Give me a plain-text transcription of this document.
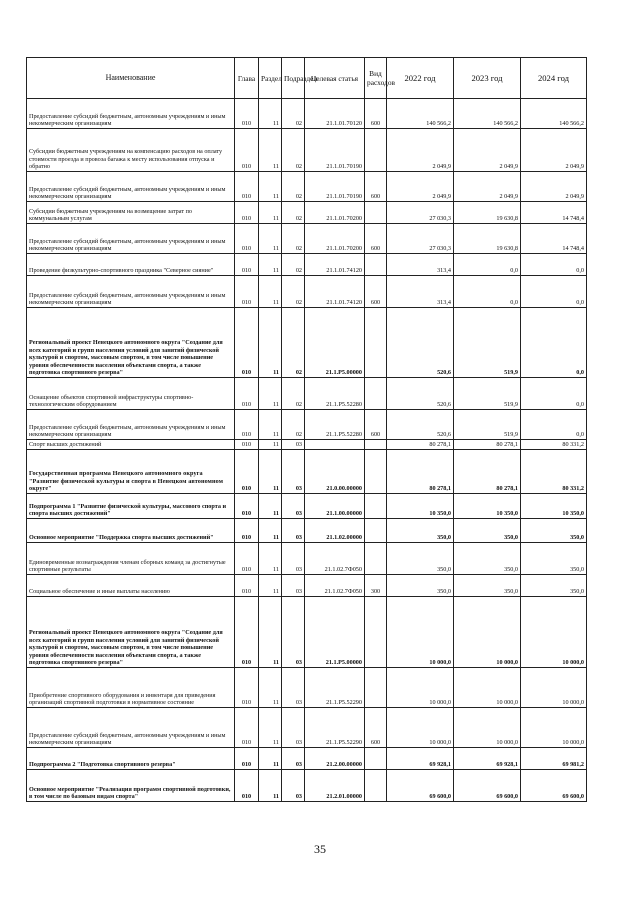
Наименование	Глава	Раздел	Подраздел	Целевая статья	Вид расходов	2022 год	2023 год	2024 год
Предоставление субсидий бюджетным, автономным учреждениям и иным некоммерческим организациям	010	11	02	21.1.01.70120	600	140 566,2	140 566,2	140 566,2
Субсидии бюджетным учреждениям на компенсацию расходов на оплату стоимости проезда и провоза багажа к месту использования отпуска и обратно	010	11	02	21.1.01.70190		2 049,9	2 049,9	2 049,9
Предоставление субсидий бюджетным, автономным учреждениям и иным некоммерческим организациям	010	11	02	21.1.01.70190	600	2 049,9	2 049,9	2 049,9
Субсидии бюджетным учреждениям на возмещение затрат по коммунальным услугам	010	11	02	21.1.01.70200		27 030,3	19 630,8	14 748,4
Предоставление субсидий бюджетным, автономным учреждениям и иным некоммерческим организациям	010	11	02	21.1.01.70200	600	27 030,3	19 630,8	14 748,4
Проведение физкультурно-спортивного праздника "Северное сияние"	010	11	02	21.1.01.74120		313,4	0,0	0,0
Предоставление субсидий бюджетным, автономным учреждениям и иным некоммерческим организациям	010	11	02	21.1.01.74120	600	313,4	0,0	0,0
Региональный проект Ненецкого автономного округа "Создание для всех категорий и групп населения условий для занятий физической культурой и спортом, массовым спортом, в том числе повышение уровня обеспеченности населения объектами спорта, а также подготовка спортивного резерва"	010	11	02	21.1.P5.00000		520,6	519,9	0,0
Оснащение объектов спортивной инфраструктуры спортивно-технологическим оборудованием	010	11	02	21.1.P5.52280		520,6	519,9	0,0
Предоставление субсидий бюджетным, автономным учреждениям и иным некоммерческим организациям	010	11	02	21.1.P5.52280	600	520,6	519,9	0,0
Спорт высших достижений	010	11	03			80 278,1	80 278,1	80 331,2
Государственная программа Ненецкого автономного округа "Развитие физической культуры и спорта в Ненецком автономном округе"	010	11	03	21.0.00.00000		80 278,1	80 278,1	80 331,2
Подпрограмма 1 "Развитие физической культуры, массового спорта и спорта высших достижений"	010	11	03	21.1.00.00000		10 350,0	10 350,0	10 350,0
Основное мероприятие "Поддержка спорта высших достижений"	010	11	03	21.1.02.00000		350,0	350,0	350,0
Единовременные вознаграждения членам сборных команд за достигнутые спортивные результаты	010	11	03	21.1.02.7Ф050		350,0	350,0	350,0
Социальное обеспечение и иные выплаты населению	010	11	03	21.1.02.7Ф050	300	350,0	350,0	350,0
Региональный проект Ненецкого автономного округа "Создание для всех категорий и групп населения условий для занятий физической культурой и спортом, массовым спортом, в том числе повышение уровня обеспеченности населения объектами спорта, а также подготовка спортивного резерва"	010	11	03	21.1.P5.00000		10 000,0	10 000,0	10 000,0
Приобретение спортивного оборудования и инвентаря для приведения организаций спортивной подготовки в нормативное состояние	010	11	03	21.1.P5.52290		10 000,0	10 000,0	10 000,0
Предоставление субсидий бюджетным, автономным учреждениям и иным некоммерческим организациям	010	11	03	21.1.P5.52290	600	10 000,0	10 000,0	10 000,0
Подпрограмма 2 "Подготовка спортивного резерва"	010	11	03	21.2.00.00000		69 928,1	69 928,1	69 981,2
Основное мероприятие "Реализация программ спортивной подготовки, в том числе по базовым видам спорта"	010	11	03	21.2.01.00000		69 600,0	69 600,0	69 600,0
35
